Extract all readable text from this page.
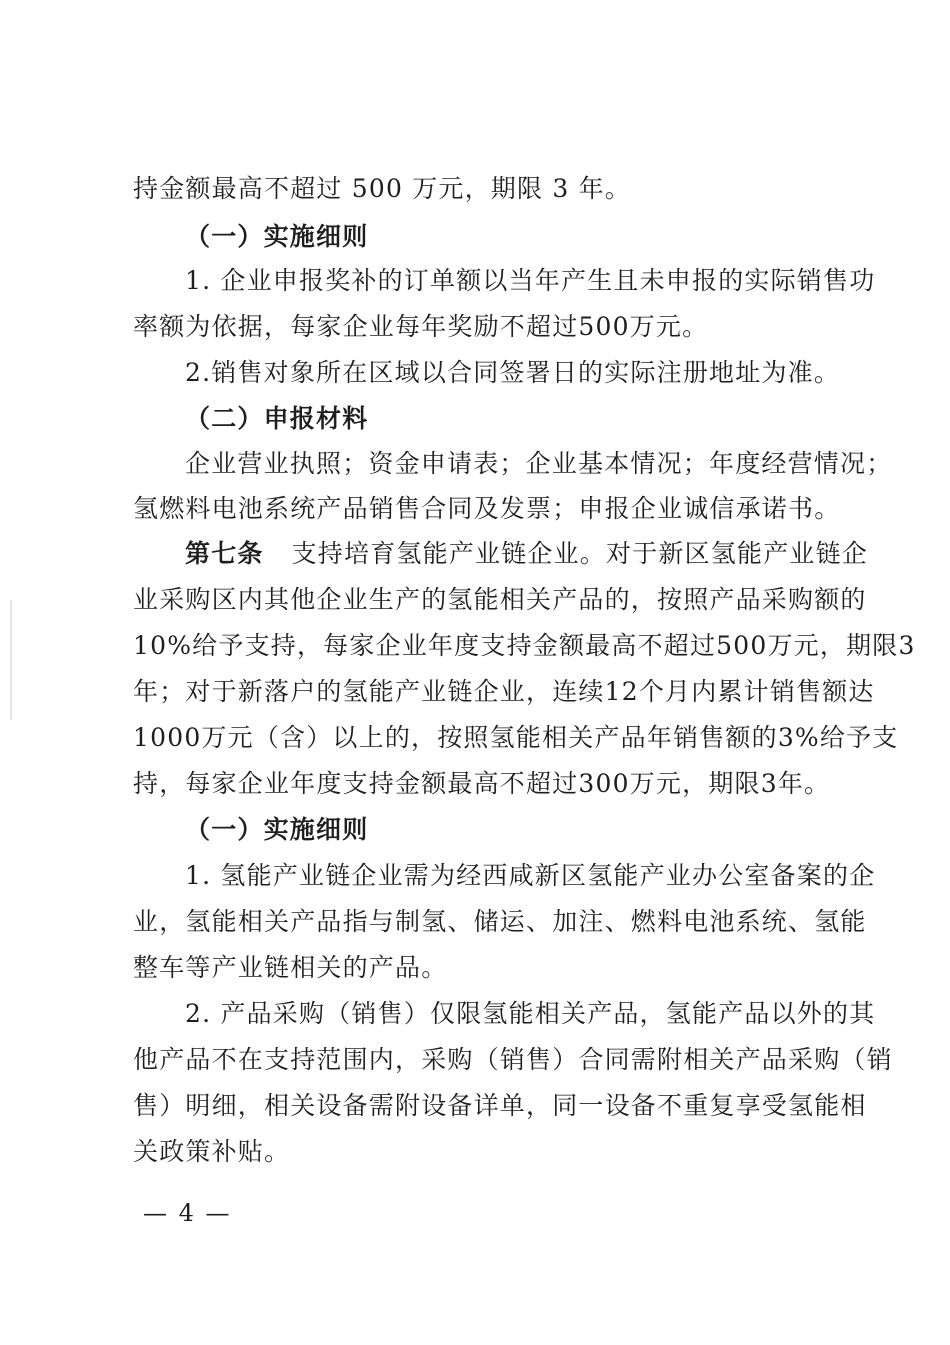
持金额最高不超过 500 万元，期限 3 年。
（一）实施细则
1. 企业申报奖补的订单额以当年产生且未申报的实际销售功
率额为依据，每家企业每年奖励不超过500万元。
2.销售对象所在区域以合同签署日的实际注册地址为准。
（二）申报材料
企业营业执照；资金申请表；企业基本情况；年度经营情况；
氢燃料电池系统产品销售合同及发票；申报企业诚信承诺书。
第七条 支持培育氢能产业链企业。对于新区氢能产业链企
业采购区内其他企业生产的氢能相关产品的，按照产品采购额的
10%给予支持，每家企业年度支持金额最高不超过500万元，期限3
年；对于新落户的氢能产业链企业，连续12个月内累计销售额达
1000万元（含）以上的，按照氢能相关产品年销售额的3%给予支
持，每家企业年度支持金额最高不超过300万元，期限3年。
（一）实施细则
1. 氢能产业链企业需为经西咸新区氢能产业办公室备案的企
业，氢能相关产品指与制氢、储运、加注、燃料电池系统、氢能
整车等产业链相关的产品。
2. 产品采购（销售）仅限氢能相关产品，氢能产品以外的其
他产品不在支持范围内，采购（销售）合同需附相关产品采购（销
售）明细，相关设备需附设备详单，同一设备不重复享受氢能相
关政策补贴。
— 4 —
